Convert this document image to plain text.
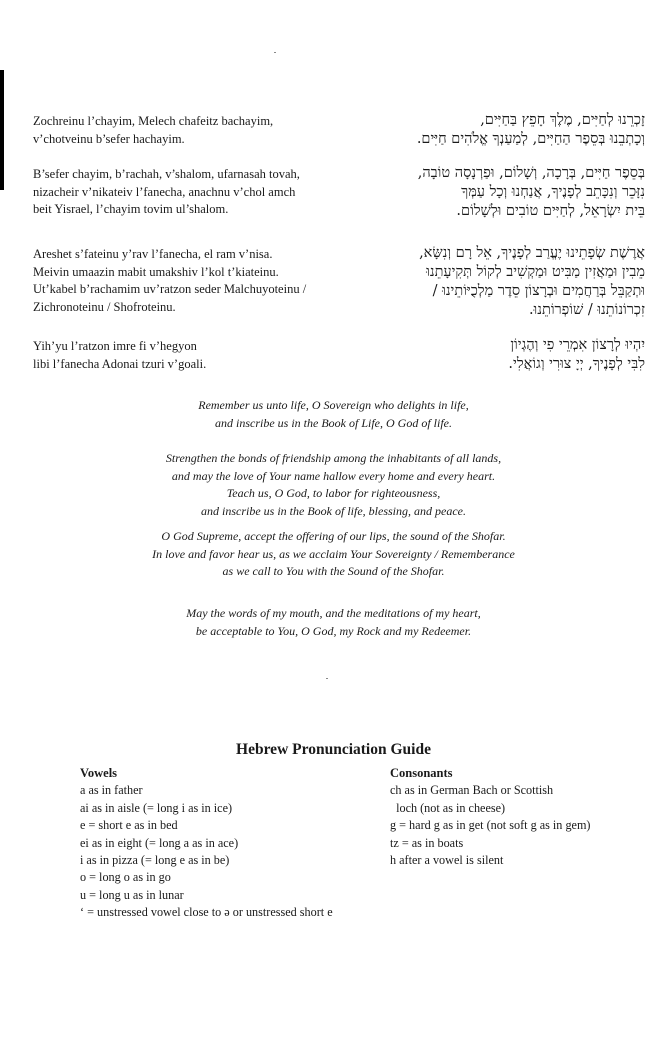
Zochreinu l’chayim, Melech chafeitz bachayim,
v’chotveinu b’sefer hachayim.
זָכְרֵנוּ לְחַיִּים, מֶלֶךְ חָפֵץ בַּחַיִּים,
וְכָתְבֵנוּ בְּסֵפֶר הַחַיִּים, לְמַעַנְךָ אֱלֹהִים חַיִּים.
B’sefer chayim, b’rachah, v’shalom, ufarnasah tovah,
nizacheir v’nikateiv l’fanecha, anachnu v’chol amch
beit Yisrael, l’chayim tovim ul’shalom.
בְּסֵפֶר חַיִּים, בְּרָכָה, וְשָׁלוֹם, וּפַרְנָסָה טוֹבָה,
נִזָּכֵר וְנִכָּתֵב לְפָנֶיךָ, אֲנַחְנוּ וְכָל עַמְּךָ
בֵּית יִשְׂרָאֵל, לְחַיִּים טוֹבִים וּלְשָׁלוֹם.
Areshet s’fateinu y’rav l’fanecha, el ram v’nisa.
Meivin umaazin mabit umakshiv l’kol t’kiateinu.
Ut’kabel b’rachamim uv’ratzon seder Malchuyoteinu /
Zichronoteinu / Shofroteinu.
אֲרֶשֶׁת שְׂפָתֵינוּ יֶעֱרַב לְפָנֶיךָ, אֵל רָם וְנִשָּׂא,
מֵבִין וּמַאֲזִין מַבִּיט וּמַקְשִׁיב לְקוֹל תְּקִיעָתֵנוּ
וּתְקַבֵּל בְּרַחֲמִים וּבְרָצוֹן סֵדֶר מַלְכֻיּוֹתֵינוּ /
זִכְרוֹנוֹתֵנוּ / שׁוֹפְרוֹתֵנוּ.
Yih’yu l’ratzon imre fi v’hegyon
libi l’fanecha Adonai tzuri v’goali.
יִהְיוּ לְרָצוֹן אִמְרֵי פִי וְהֶגְיוֹן
לִבִּי לְפָנֶיךָ, יְיָ צוּרִי וְגוֹאֲלִי.
Remember us unto life, O Sovereign who delights in life,
and inscribe us in the Book of Life, O God of life.
Strengthen the bonds of friendship among the inhabitants of all lands,
and may the love of Your name hallow every home and every heart.
Teach us, O God, to labor for righteousness,
and inscribe us in the Book of life, blessing, and peace.
O God Supreme, accept the offering of our lips, the sound of the Shofar.
In love and favor hear us, as we acclaim Your Sovereignty / Rememberance
as we call to You with the Sound of the Shofar.
May the words of my mouth, and the meditations of my heart,
be acceptable to You, O God, my Rock and my Redeemer.
Hebrew Pronunciation Guide
Vowels
a as in father
ai as in aisle (= long i as in ice)
e = short e as in bed
ei as in eight (= long a as in ace)
i as in pizza (= long e as in be)
o = long o as in go
u = long u as in lunar
‘ = unstressed vowel close to ə or unstressed short e
Consonants
ch as in German Bach or Scottish
loch (not as in cheese)
g = hard g as in get (not soft g as in gem)
tz = as in boats
h after a vowel is silent
